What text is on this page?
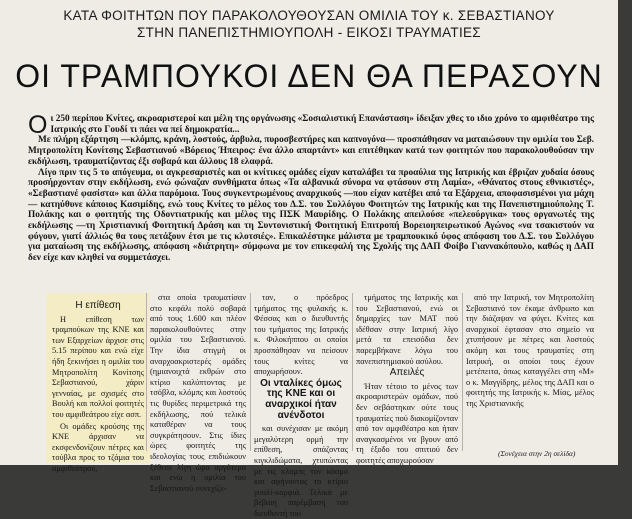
ΚΑΤΑ ΦΟΙΤΗΤΩΝ ΠΟΥ ΠΑΡΑΚΟΛΟΥΘΟΥΣΑΝ ΟΜΙΛΙΑ ΤΟΥ κ. ΣΕΒΑΣΤΙΑΝΟΥ
ΣΤΗΝ ΠΑΝΕΠΙΣΤΗΜΙΟΥΠΟΛΗ - ΕΙΚΟΣΙ ΤΡΑΥΜΑΤΙΕΣ
ΟΙ ΤΡΑΜΠΟΥΚΟΙ ΔΕΝ ΘΑ ΠΕΡΑΣΟΥΝ

Οι 250 περίπου Κνίτες, ακροαριστεροί και μέλη της οργάνωσης «Σοσιαλιστική Επανάσταση» ίδειξαν χθες το ιδιο χρόνο το αμφιθέατρο της Ιατρικής στο Γουδί τι πάει να πεί δημοκρατία...

Με πλήρη εξάρτηση —κλόμπς, κράνη, λοστούς, άρβυλα, πυροσβεστήρες και καπνογόνα— προσπάθησαν να ματαιώσουν την ομιλία του Σεβ. Μητροπολίτη Κονίτσης Σεβαστιανού «Βόρειος Ήπειρος: ένα άλλο απαρτάντ» και επιτέθηκαν κατά των φοιτητών που παρακολουθούσαν την εκδήλωση, τραυματίζοντας έξι σοβαρά και άλλους 18 ελαφρά.

Λίγο πριν τις 5 το απόγευμα, οι αγκρεσαριστές και οι κνίτικες ομάδες είχαν καταλάβει τα προαύλια της Ιατρικής και έβριζαν χυδαία όσους προσήρχονταν στην εκδήλωση, ενώ φώναζαν συνθήματα όπως «Τα αλβανικά σύνορα να φτάσουν στη Λαμία», «Θάνατος στους εθνικιστές», «Σεβαστιανέ φασίστα» και άλλα παρόμοια. Τους συγκεντρωμένους αναρχικούς —που είχαν κατέβει από τα Εξάρχεια, αποφασισμένοι για μάχη— κατηύθυνε κάποιος Κασιμίδης, ενώ τους Κνίτες το μέλος του Δ.Σ. του Συλλόγου Φοιτητών της Ιατρικής και της Πανεπιστημιούπολης Τ. Πολάκης και ο φοιτητής της Οδοντιατρικής και μέλος της ΠΣΚ Μαυρίδης. Ο Πολάκης απειλούσε «πελεούργικα» τους οργανωτές της εκδήλωσης —τη Χριστιανική Φοιτητική Δράση και τη Συντονιστική Φοιτητική Επιτροπή Βορειοηπειρωτικού Αγώνος «να τσακιστούν να φύγουν, γιατί άλλιώς θα τους πετάξουν έτσι με τις κλοτσιές». Επικαλέστηκε μάλιστα με τραμπουκικό ύφος απόφαση του Δ.Σ. του Συλλόγου για ματαίωση της εκδήλωσης, απόφαση «διάτρητη» σύμφωνα με τον επικεφαλή της Σχολής της ΔΑΠ Φοίβο Γιαννακόπουλο, καθώς η ΔΑΠ δεν είχε καν κληθεί να συμμετάσχει.

Η επίθεση

Η επίθεση των τραμπούκων της ΚΝΕ και των Εξαρχείων άρχισε στις 5.15 περίπου και ενώ είχε ήδη ξεκινήσει η ομιλία του Μητροπολίτη Κονίτσης Σεβαστιανού, χάριν γενναίας, με σχισμές στο Βουλή και πολλοί φοιτητές του αμφιθεάτρου είχε ασπ.

Οι ομάδες κρούσης της ΚΝΕ άρχισαν να εκσφενδονίζουν πέτρες και τούβλα προς το τζάμια του αμφιθεάτρου,

στα οποία τραυματίσαν στο κεφάλι πολύ σοβαρά από τους 1.600 και πλέον παρακολουθούντες στην ομιλία του Σεβαστιανού. Την ίδια στιγμή οι αναρχοακριστερές ομάδες (ημιανοιχτά εκθρών στο κτίριο καλύπτοντας με τσόβλα, κλόμπς και λοστούς τις θυρίδες περιμετρικά της εκδήλωσης, πού τελικά καταθέραν να τους συγκράτησουν. Στις ίδιες ώρες φοιτητές της ιδεολογίας τους επιδιώκουν ξέθεσε λίγη ώρα αργότερα και ενώ η ομιλία του Σεβαστιανού συνεχίζε-

ταν, ο πρόεδρος τμήματος της φυλακής κ. Φέσσας και ο διευθυντής του τμήματος της Ιατρικής κ. Φιλοκήππου οι οποίοι προσπάθησαν να πείσουν τους κνίτες να αποχωρήσουν.

Οι νταλίκες όμως της ΚΝΕ και οι αναρχικοί ήταν ανένδοτοι

και συνέχισαν με ακόμη μεγαλύτερη ορμή την επίθεση, σπάζοντας κιγκλιδώματα, χτυπώντας με τις κλομπς τον κόσμο και αφήνοντας το κτίριο γυαλί-καρφιά. Τελικά με βέβαιη παρέμβαση του διευθυντή του

τμήματος της Ιατρικής και του Σεβαστιανού, ενώ οι δημαρχίες των ΜΑΤ πού ιδέθσαν στην Ιατρική λίγο μετά τα επεισόδια δεν παρεμβήκανε λόγω του πανεπιστημιακού ασύλου.

Απειλές

Ήταν τέτοιο το μένος των ακροαριστερών ομάδων, πού δεν σεβάστηκαν ούτε τους τραυματίες πού διακομίζονταν από τον αμφιθέατρο και ήταν αναγκασμένοι να βγουν από τη έξοδο του σπιτιού δεν φοιτητές αποχωρούσαν

από την Ιατρική, τον Μητροπολίτη Σεβαστιανό τον έκαμε άνθρωπο και την διάζαψαν να φύγει. Κνίτες και αναρχικοί έφτασαν στο σημείο να χτυπήσουν με πέτρες και λοστούς ακόμη και τους τραυματίες στη Ιατρική, οι οποίοι τους έχουν μετέπειτα, όπως καταγγέλει στη «Μ» ο κ. Μαγγίδρης, μέλος της ΔΑΠ και ο φοιτητής της Ιατρικής κ. Μίας, μέλος της Χριστιανικής

(Συνέχεια στην 2η σελίδα)
